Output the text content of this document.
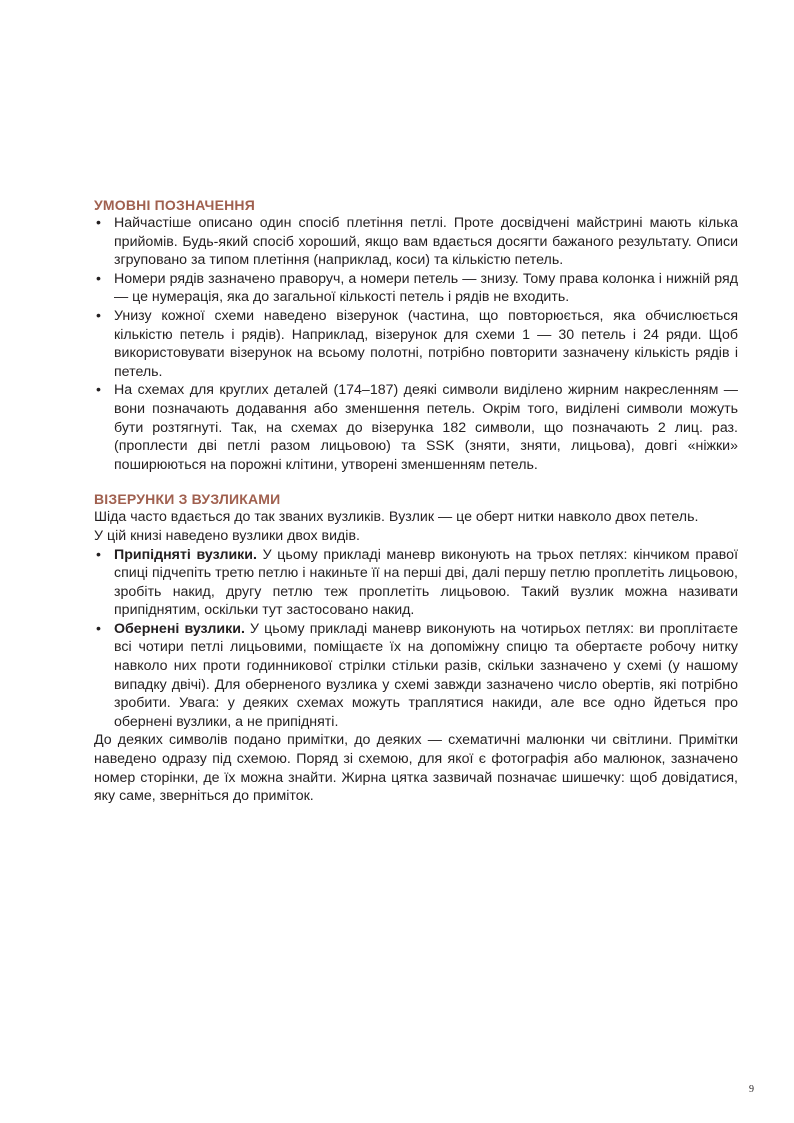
УМОВНІ ПОЗНАЧЕННЯ
• Найчастіше описано один спосіб плетіння петлі. Проте досвідчені майстрині мають кілька прийомів. Будь-який спосіб хороший, якщо вам вдається досягти бажаного результату. Описи згруповано за типом плетіння (наприклад, коси) та кількістю петель.
• Номери рядів зазначено праворуч, а номери петель — знизу. Тому права колонка і нижній ряд — це нумерація, яка до загальної кількості петель і рядів не входить.
• Унизу кожної схеми наведено візерунок (частина, що повторюється, яка обчислюється кількістю петель і рядів). Наприклад, візерунок для схеми 1 — 30 петель і 24 ряди. Щоб використовувати візерунок на всьому полотні, потрібно повторити зазначену кількість рядів і петель.
• На схемах для круглих деталей (174–187) деякі символи виділено жирним накресленням — вони позначають додавання або зменшення петель. Окрім того, виділені символи можуть бути розтягнуті. Так, на схемах до візерунка 182 символи, що позначають 2 лиц. раз. (проплести дві петлі разом лицьовою) та SSK (зняти, зняти, лицьова), довгі «ніжки» поширюються на порожні клітини, утворені зменшенням петель.
ВІЗЕРУНКИ З ВУЗЛИКАМИ

Шіда часто вдається до так званих вузликів. Вузлик — це оберт нитки навколо двох петель.

У цій книзі наведено вузлики двох видів.

• Припідняті вузлики. У цьому прикладі маневр виконують на трьох петлях: кінчиком правої спиці підчепіть третю петлю і накиньте її на перші дві, далі першу петлю проплетіть лицьовою, зробіть накид, другу петлю теж проплетіть лицьовою. Такий вузлик можна називати припіднятим, оскільки тут застосовано накид.
• Обернені вузлики. У цьому прикладі маневр виконують на чотирьох петлях: ви проплітаєте всі чотири петлі лицьовими, поміщаєте їх на допоміжну спицю та обертаєте робочу нитку навколо них проти годинникової стрілки стільки разів, скільки зазначено у схемі (у нашому випадку двічі). Для оберненого вузлика у схемі завжди зазначено число obертів, які потрібно зробити. Увага: у деяких схемах можуть траплятися накиди, але все одно йдеться про обернені вузлики, а не припідняті.

До деяких символів подано примітки, до деяких — схематичні малюнки чи світлини. Примітки наведено одразу під схемою. Поряд зі схемою, для якої є фотографія або малюнок, зазначено номер сторінки, де їх можна знайти. Жирна цятка зазвичай позначає шишечку: щоб довідатися, яку саме, зверніться до приміток.

9
